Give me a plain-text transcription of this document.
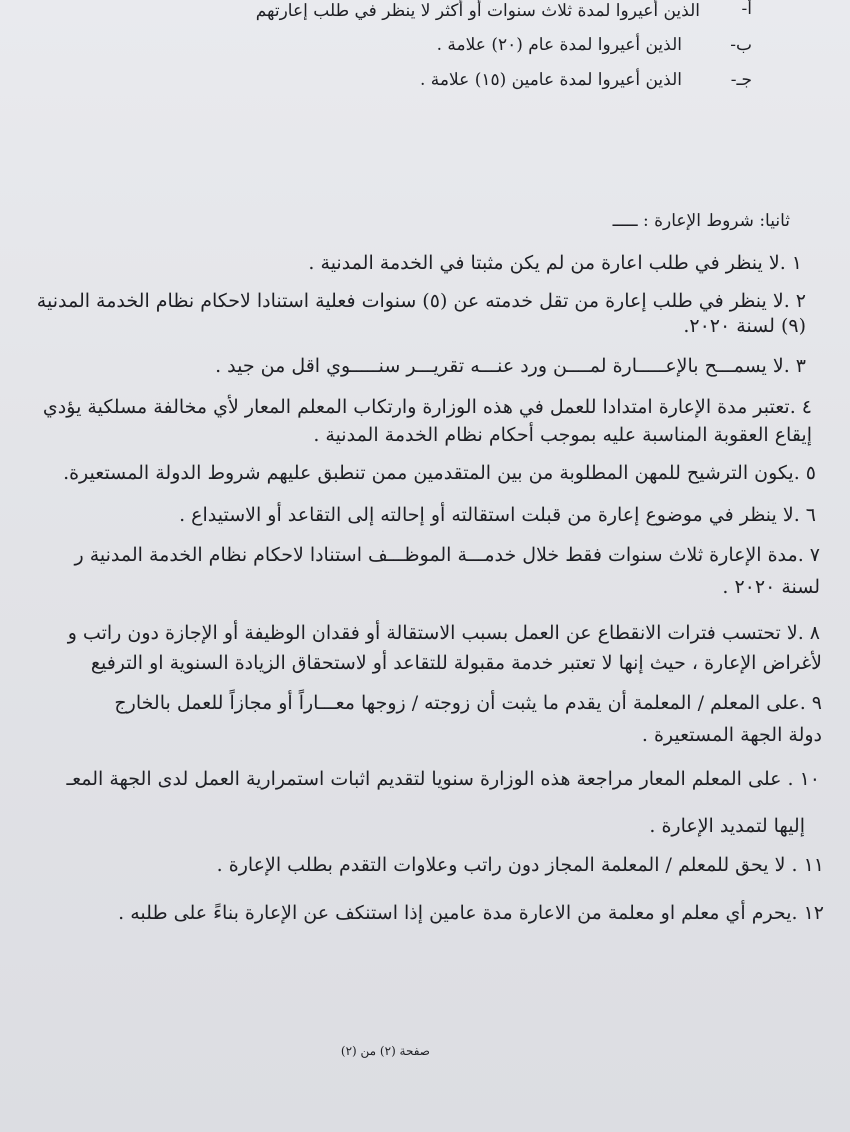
أ-
الذين أعيروا لمدة ثلاث سنوات أو أكثر لا ينظر في طلب إعارتهم
ب-
الذين أعيروا لمدة عام (٢٠) علامة .
جـ-
الذين أعيروا لمدة عامين (١٥) علامة .
ثانيا: شروط الإعارة : ـــــ
١ .لا ينظر في طلب اعارة من لم يكن مثبتا في الخدمة المدنية .
٢ .لا ينظر في طلب إعارة من تقل خدمته عن (٥) سنوات فعلية استنادا لاحكام نظام الخدمة المدنية
(٩) لسنة ٢٠٢٠.
٣ .لا يسمـــح بالإعـــــارة لمــــن ورد عنـــه تقريـــر سنـــــوي اقل من جيد .
٤ .تعتبر مدة الإعارة امتدادا للعمل في هذه الوزارة وارتكاب المعلم المعار لأي مخالفة مسلكية يؤدي
إيقاع العقوبة المناسبة عليه بموجب أحكام نظام الخدمة المدنية .
٥ .يكون الترشيح للمهن المطلوبة من بين المتقدمين ممن تنطبق عليهم شروط الدولة المستعيرة.
٦ .لا ينظر في موضوع إعارة من قبلت استقالته أو إحالته إلى التقاعد أو الاستيداع .
٧ .مدة الإعارة ثلاث سنوات فقط خلال خدمـــة الموظـــف استنادا لاحكام نظام الخدمة المدنية ر
لسنة ٢٠٢٠ .
٨ .لا تحتسب فترات الانقطاع عن العمل بسبب الاستقالة أو فقدان الوظيفة أو الإجازة دون راتب و
لأغراض الإعارة ، حيث إنها لا تعتبر خدمة مقبولة للتقاعد أو لاستحقاق الزيادة السنوية او الترفيع
٩ .على المعلم / المعلمة أن يقدم ما يثبت أن زوجته / زوجها معـــاراً أو مجازاً للعمل بالخارج
دولة الجهة المستعيرة .
١٠ . على المعلم المعار مراجعة هذه الوزارة سنويا لتقديم اثبات استمرارية العمل لدى الجهة المعـ
إليها لتمديد الإعارة .
١١ . لا يحق للمعلم / المعلمة المجاز دون راتب وعلاوات التقدم بطلب الإعارة .
١٢ .يحرم أي معلم او معلمة من الاعارة مدة عامين إذا استنكف عن الإعارة بناءً على طلبه .
صفحة (٢) من (٢)
